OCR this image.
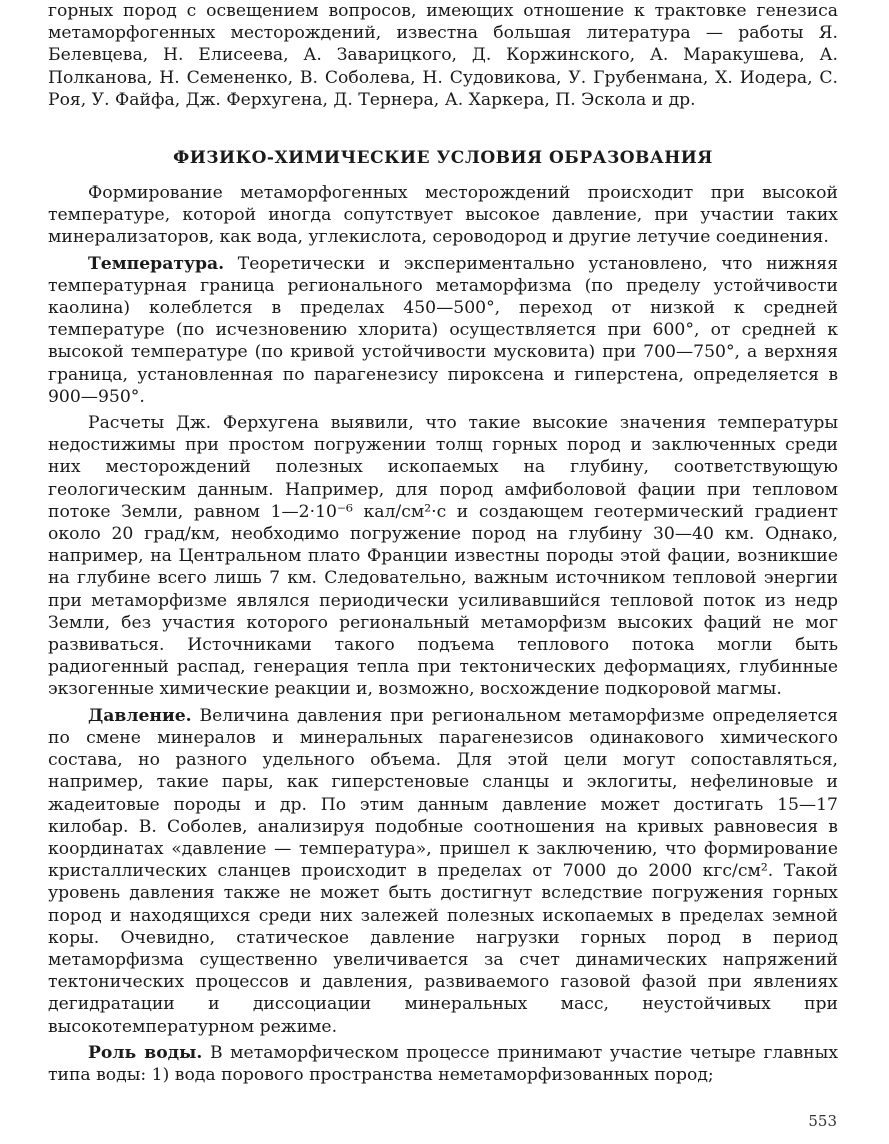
горных пород с освещением вопросов, имеющих отношение к трактовке генезиса метаморфогенных месторождений, известна большая литература — работы Я. Белевцева, Н. Елисеева, А. Заварицкого, Д. Коржинского, А. Маракушева, А. Полканова, Н. Семененко, В. Соболева, Н. Судовикова, У. Грубенмана, Х. Иодера, С. Роя, У. Файфа, Дж. Ферхугена, Д. Тернера, А. Харкера, П. Эскола и др.

ФИЗИКО-ХИМИЧЕСКИЕ УСЛОВИЯ ОБРАЗОВАНИЯ

Формирование метаморфогенных месторождений происходит при высокой температуре, которой иногда сопутствует высокое давление, при участии таких минерализаторов, как вода, углекислота, сероводород и другие летучие соединения.

Температура. Теоретически и экспериментально установлено, что нижняя температурная граница регионального метаморфизма (по пределу устойчивости каолина) колеблется в пределах 450—500°, переход от низкой к средней температуре (по исчезновению хлорита) осуществляется при 600°, от средней к высокой температуре (по кривой устойчивости мусковита) при 700—750°, а верхняя граница, установленная по парагенезису пироксена и гиперстена, определяется в 900—950°.

Расчеты Дж. Ферхугена выявили, что такие высокие значения температуры недостижимы при простом погружении толщ горных пород и заключенных среди них месторождений полезных ископаемых на глубину, соответствующую геологическим данным. Например, для пород амфиболовой фации при тепловом потоке Земли, равном 1—2·10⁻⁶ кал/см²·с и создающем геотермический градиент около 20 град/км, необходимо погружение пород на глубину 30—40 км. Однако, например, на Центральном плато Франции известны породы этой фации, возникшие на глубине всего лишь 7 км. Следовательно, важным источником тепловой энергии при метаморфизме являлся периодически усиливавшийся тепловой поток из недр Земли, без участия которого региональный метаморфизм высоких фаций не мог развиваться. Источниками такого подъема теплового потока могли быть радиогенный распад, генерация тепла при тектонических деформациях, глубинные экзогенные химические реакции и, возможно, восхождение подкоровой магмы.

Давление. Величина давления при региональном метаморфизме определяется по смене минералов и минеральных парагенезисов одинакового химического состава, но разного удельного объема. Для этой цели могут сопоставляться, например, такие пары, как гиперстеновые сланцы и эклогиты, нефелиновые и жадеитовые породы и др. По этим данным давление может достигать 15—17 килобар. В. Соболев, анализируя подобные соотношения на кривых равновесия в координатах «давление — температура», пришел к заключению, что формирование кристаллических сланцев происходит в пределах от 7000 до 2000 кгс/см². Такой уровень давления также не может быть достигнут вследствие погружения горных пород и находящихся среди них залежей полезных ископаемых в пределах земной коры. Очевидно, статическое давление нагрузки горных пород в период метаморфизма существенно увеличивается за счет динамических напряжений тектонических процессов и давления, развиваемого газовой фазой при явлениях дегидратации и диссоциации минеральных масс, неустойчивых при высокотемпературном режиме.

Роль воды. В метаморфическом процессе принимают участие четыре главных типа воды: 1) вода порового пространства неметаморфизованных пород;

553
